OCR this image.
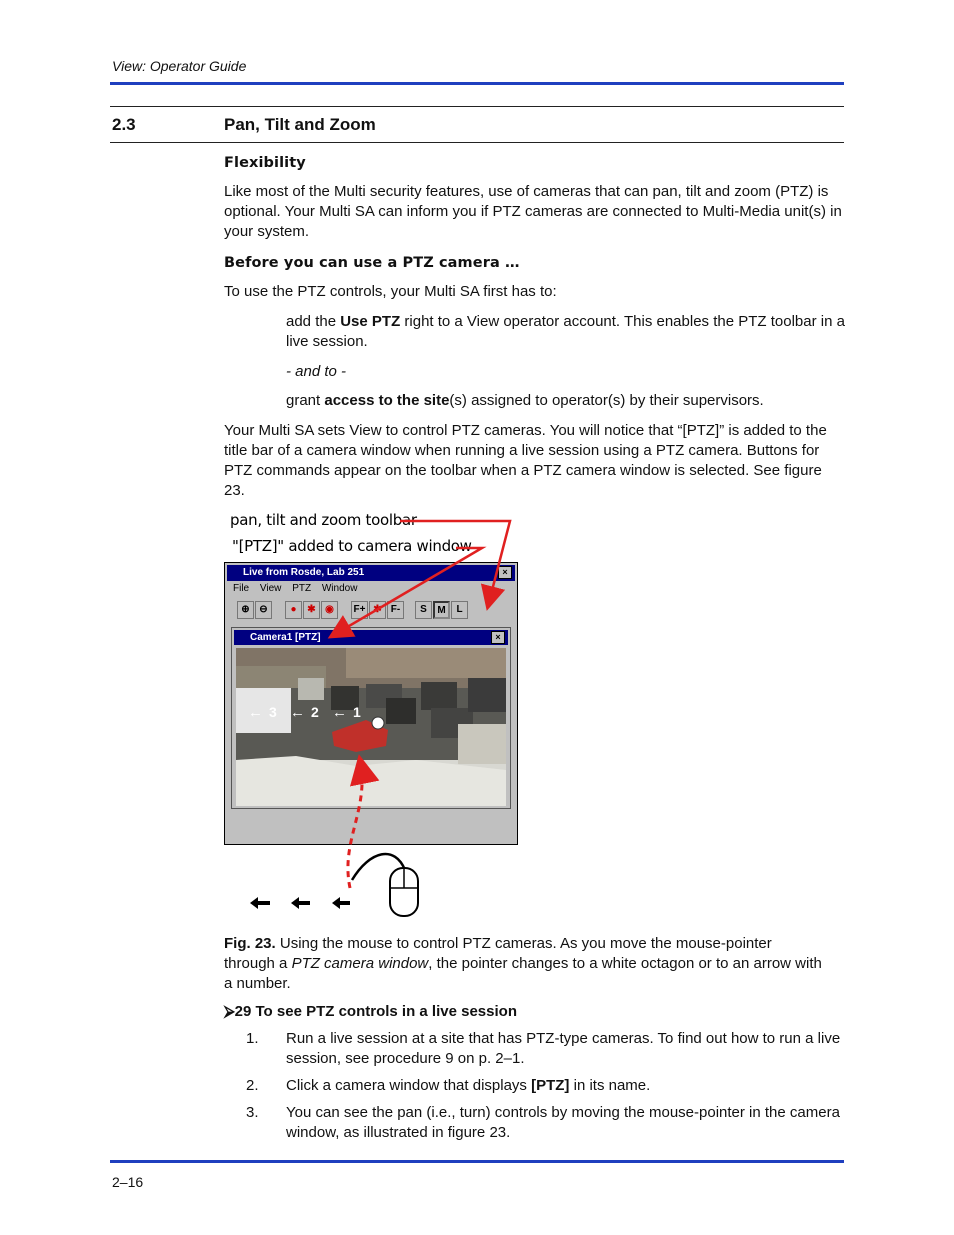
View: Operator Guide
2.3	Pan, Tilt and Zoom
Flexibility
Like most of the Multi security features, use of cameras that can pan, tilt and zoom (PTZ) is optional. Your Multi SA can inform you if PTZ cameras are connected to Multi-Media unit(s) in your system.
Before you can use a PTZ camera …
To use the PTZ controls, your Multi SA first has to:
add the Use PTZ right to a View operator account. This enables the PTZ toolbar in a live session.
- and to -
grant access to the site(s) assigned to operator(s) by their supervisors.
Your Multi SA sets View to control PTZ cameras. You will notice that “[PTZ]” is added to the title bar of a camera window when running a live session using a PTZ camera. Buttons for PTZ commands appear on the toolbar when a PTZ camera window is selected. See figure 23.
pan, tilt and zoom toolbar
"[PTZ]" added to camera window
Live from Rosde, Lab 251	×
File View PTZ Window
⊕ ⊖	●	✱ ◉	F+ ✱ F-	S	M	L
Camera1 [PTZ]	×
← 3 ← 2 ← 1
Fig. 23. Using the mouse to control PTZ cameras. As you move the mouse-pointer through a PTZ camera window, the pointer changes to a white octagon or to an arrow with a number.
⮚29 To see PTZ controls in a live session
1. Run a live session at a site that has PTZ-type cameras. To find out how to run a live session, see procedure 9 on p. 2–1.
2. Click a camera window that displays [PTZ] in its name.
3. You can see the pan (i.e., turn) controls by moving the mouse-pointer in the camera window, as illustrated in figure 23.
2–16
